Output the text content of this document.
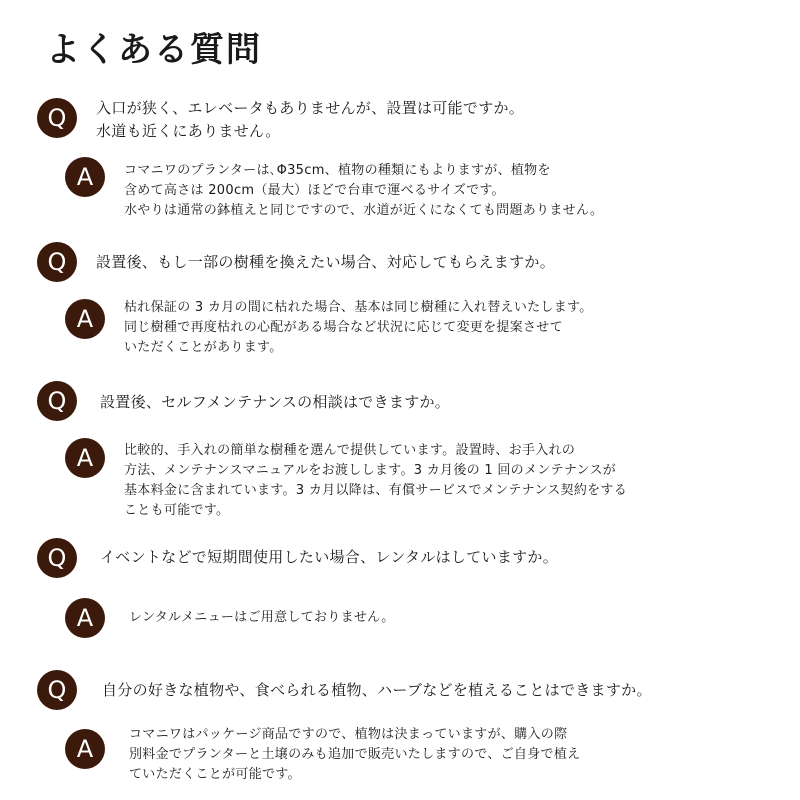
よくある質問
Q	入口が狭く、エレベータもありませんが、設置は可能ですか。
水道も近くにありません。
A	コマニワのプランターは､Φ35cm、植物の種類にもよりますが、植物を
含めて高さは 200cm（最大）ほどで台車で運べるサイズです。
水やりは通常の鉢植えと同じですので、水道が近くになくても問題ありません。
Q	設置後、もし一部の樹種を換えたい場合、対応してもらえますか。
A	枯れ保証の 3 カ月の間に枯れた場合、基本は同じ樹種に入れ替えいたします。
同じ樹種で再度枯れの心配がある場合など状況に応じて変更を提案させて
いただくことがあります。
Q	設置後、セルフメンテナンスの相談はできますか。
A	比較的、手入れの簡単な樹種を選んで提供しています。設置時、お手入れの
方法、メンテナンスマニュアルをお渡しします。3 カ月後の 1 回のメンテナンスが
基本料金に含まれています。3 カ月以降は、有償サービスでメンテナンス契約をする
ことも可能です。
Q	イベントなどで短期間使用したい場合、レンタルはしていますか。
A	レンタルメニューはご用意しておりません。
Q	自分の好きな植物や、食べられる植物、ハーブなどを植えることはできますか。
A
コマニワはパッケージ商品ですので、植物は決まっていますが、購入の際
別料金でプランターと土壌のみも追加で販売いたしますので、ご自身で植え
ていただくことが可能です。
